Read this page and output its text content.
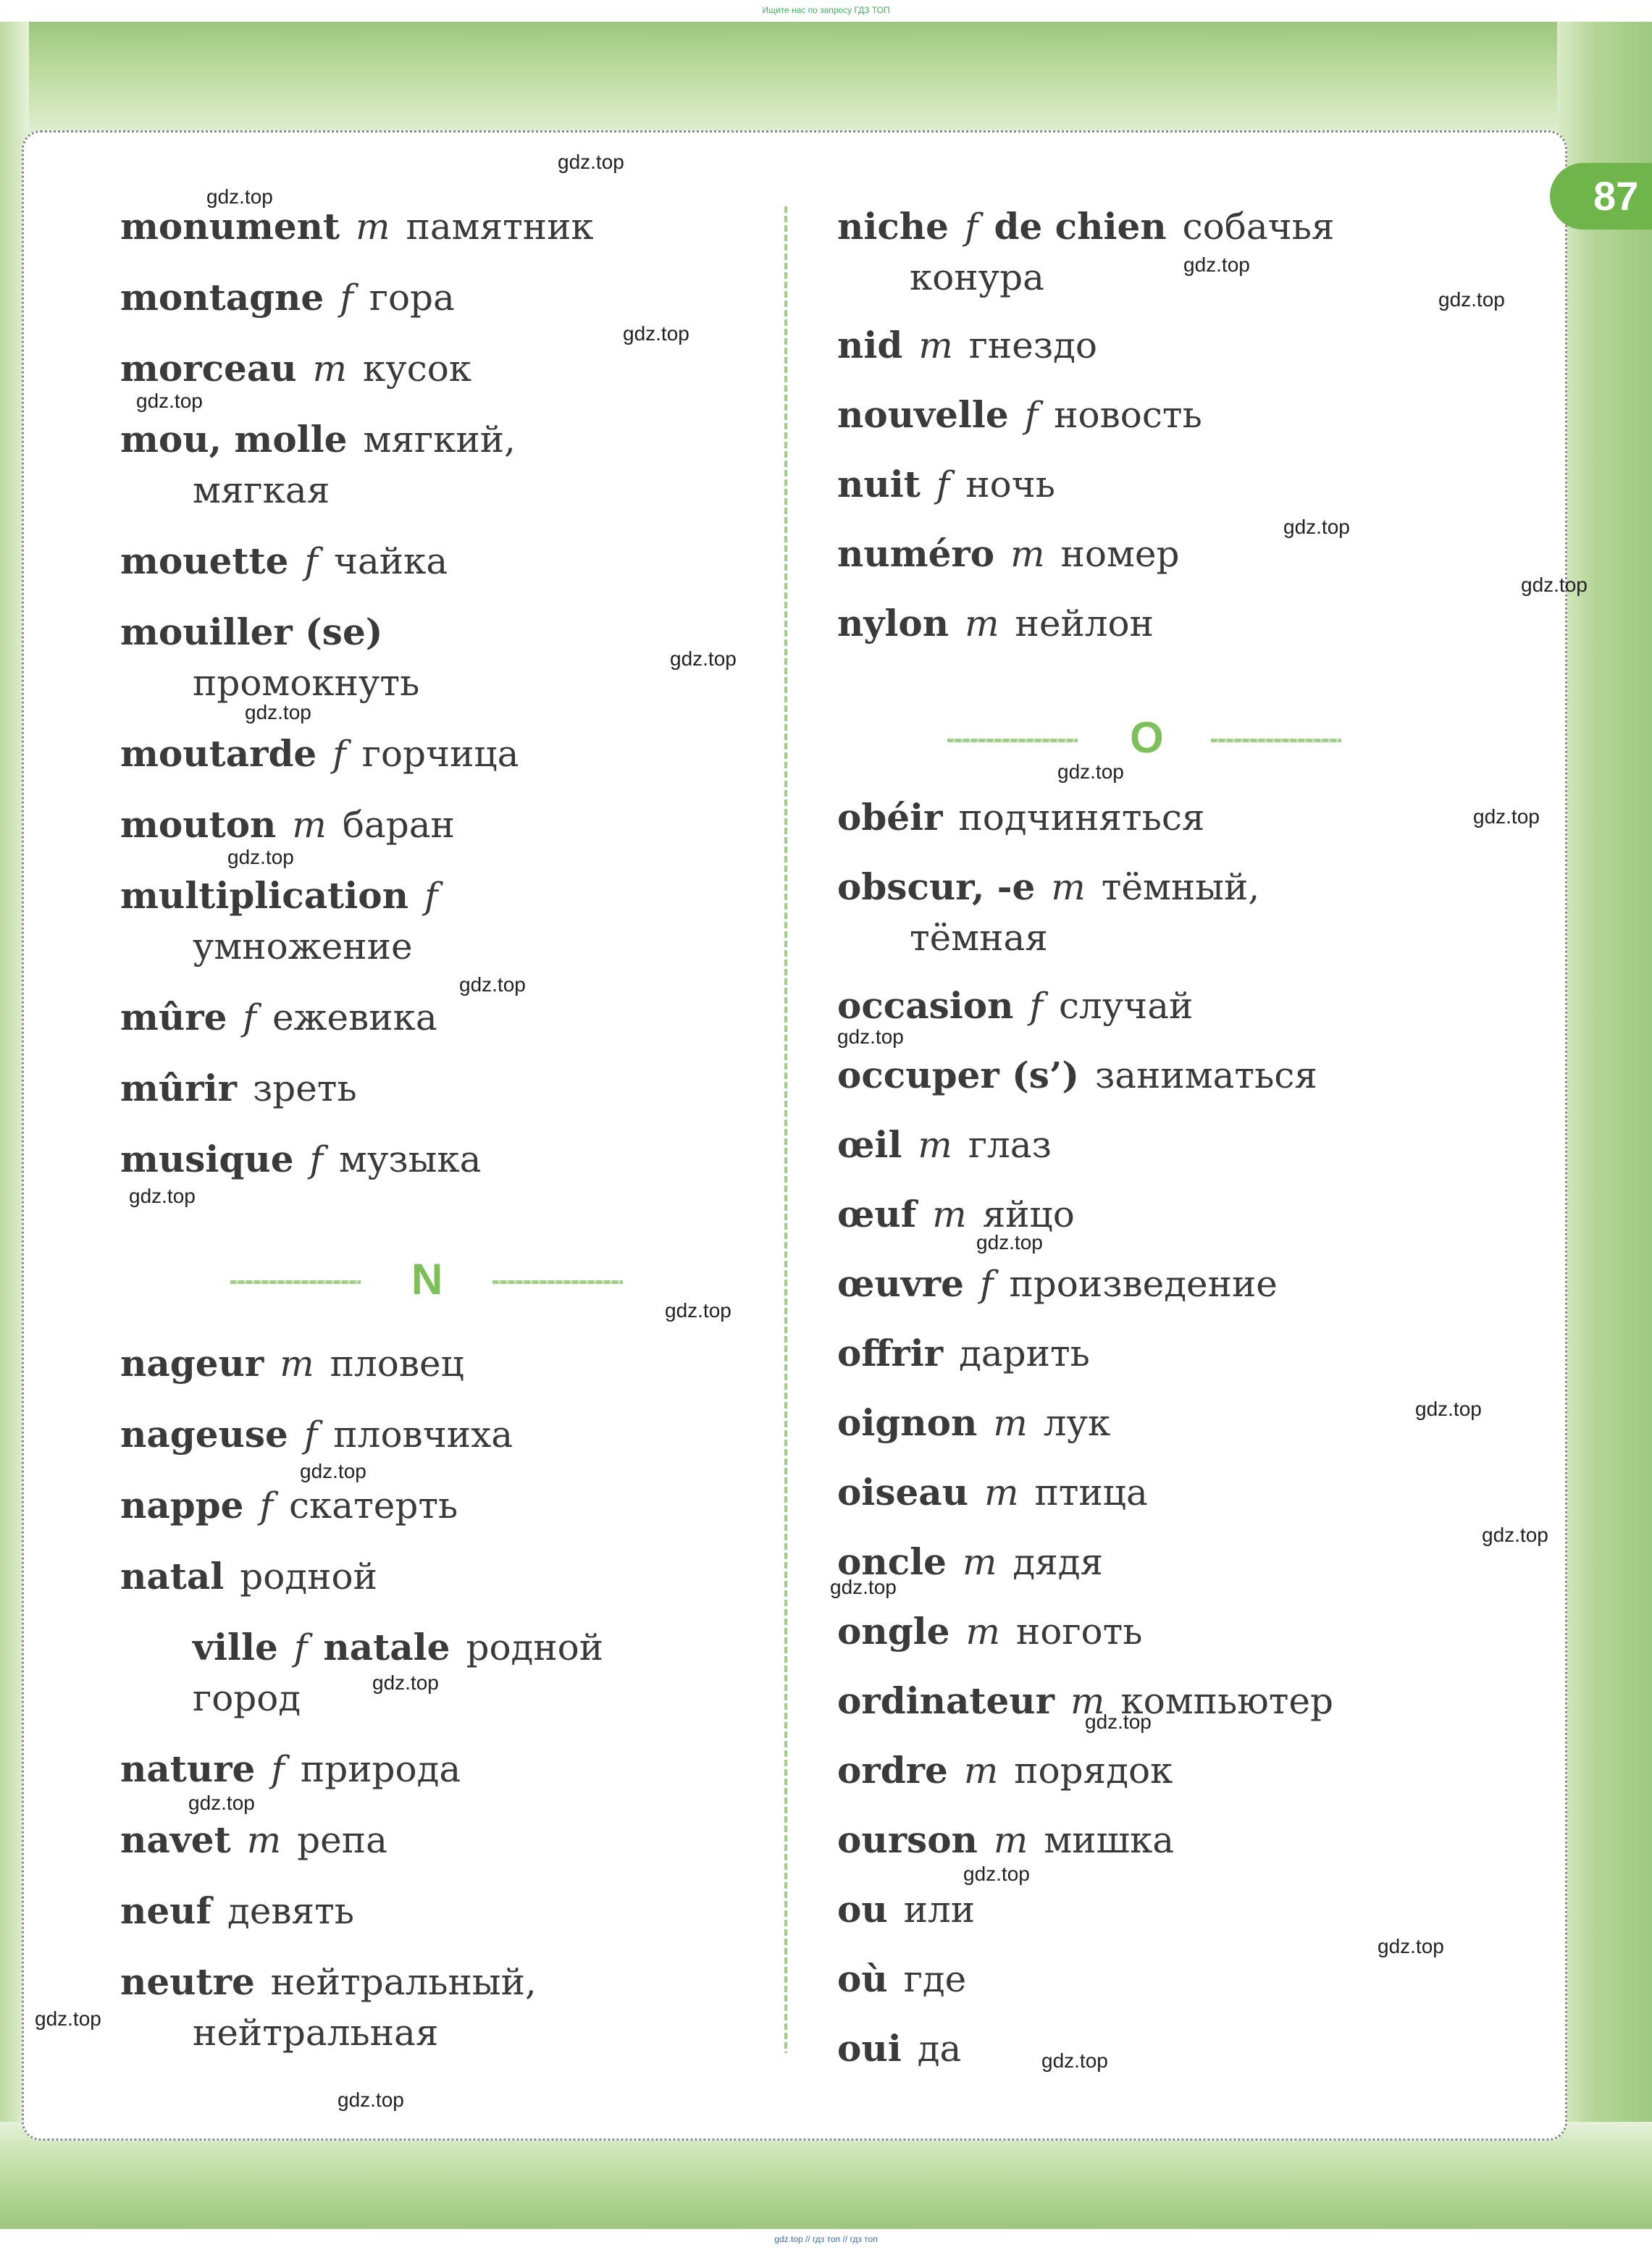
Ищите нас по запросу ГДЗ ТОП
87
monument m памятник
montagne f гора
morceau m кусок
mou, molle мягкий,
мягкая
mouette f чайка
mouiller (se)
промокнуть
moutarde f горчица
mouton m баран
multiplication f
умножение
mûre f ежевика
mûrir зреть
musique f музыка
N
nageur m пловец
nageuse f пловчиха
nappe f скатерть
natal родной
ville f natale родной
город
nature f природа
navet m репа
neuf девять
neutre нейтральный,
нейтральная
niche f de chien собачья
конура
nid m гнездо
nouvelle f новость
nuit f ночь
numéro m номер
nylon m нейлон
O
obéir подчиняться
obscur, -e m тёмный,
тёмная
occasion f случай
occuper (s’) заниматься
œil m глаз
œuf m яйцо
œuvre f произведение
offrir дарить
oignon m лук
oiseau m птица
oncle m дядя
ongle m ноготь
ordinateur m компьютер
ordre m порядок
ourson m мишка
ou или
où где
oui да
gdz.top
gdz.top
gdz.top
gdz.top
gdz.top
gdz.top
gdz.top
gdz.top
gdz.top
gdz.top
gdz.top
gdz.top
gdz.top
gdz.top
gdz.top
gdz.top
gdz.top
gdz.top
gdz.top
gdz.top
gdz.top
gdz.top
gdz.top
gdz.top
gdz.top
gdz.top
gdz.top
gdz.top
gdz.top
gdz.top
gdz.top // гдз топ // гдз топ
